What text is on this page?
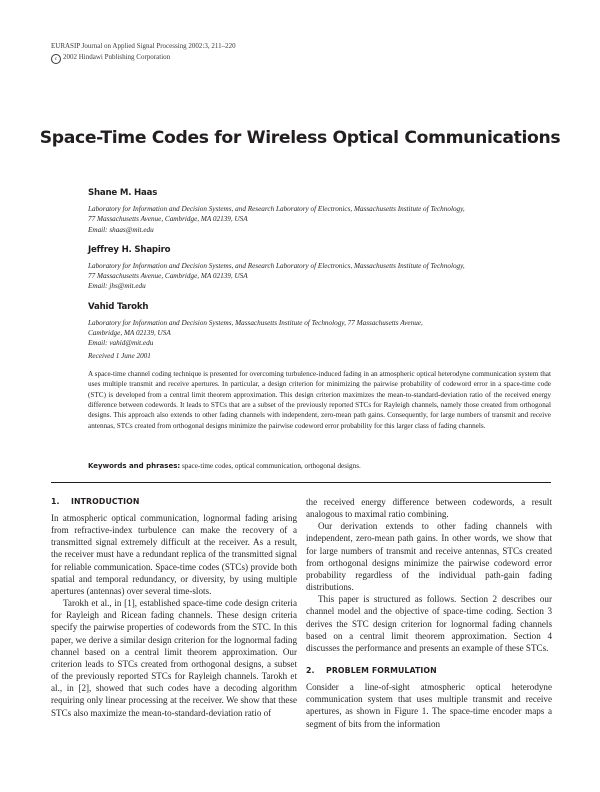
EURASIP Journal on Applied Signal Processing 2002:3, 211–220
c 2002 Hindawi Publishing Corporation
Space-Time Codes for Wireless Optical Communications
Shane M. Haas
Laboratory for Information and Decision Systems, and Research Laboratory of Electronics, Massachusetts Institute of Technology,
77 Massachusetts Avenue, Cambridge, MA 02139, USA
Email: shaas@mit.edu
Jeffrey H. Shapiro
Laboratory for Information and Decision Systems, and Research Laboratory of Electronics, Massachusetts Institute of Technology,
77 Massachusetts Avenue, Cambridge, MA 02139, USA
Email: jhs@mit.edu
Vahid Tarokh
Laboratory for Information and Decision Systems, Massachusetts Institute of Technology, 77 Massachusetts Avenue,
Cambridge, MA 02139, USA
Email: vahid@mit.edu
Received 1 June 2001
A space-time channel coding technique is presented for overcoming turbulence-induced fading in an atmospheric optical heterodyne communication system that uses multiple transmit and receive apertures. In particular, a design criterion for minimizing the pairwise probability of codeword error in a space-time code (STC) is developed from a central limit theorem approximation. This design criterion maximizes the mean-to-standard-deviation ratio of the received energy difference between codewords. It leads to STCs that are a subset of the previously reported STCs for Rayleigh channels, namely those created from orthogonal designs. This approach also extends to other fading channels with independent, zero-mean path gains. Consequently, for large numbers of transmit and receive antennas, STCs created from orthogonal designs minimize the pairwise codeword error probability for this larger class of fading channels.
Keywords and phrases: space-time codes, optical communication, orthogonal designs.
1. INTRODUCTION

In atmospheric optical communication, lognormal fading arising from refractive-index turbulence can make the recovery of a transmitted signal extremely difficult at the receiver. As a result, the receiver must have a redundant replica of the transmitted signal for reliable communication. Space-time codes (STCs) provide both spatial and temporal redundancy, or diversity, by using multiple apertures (antennas) over several time-slots.

Tarokh et al., in [1], established space-time code design criteria for Rayleigh and Ricean fading channels. These design criteria specify the pairwise properties of codewords from the STC. In this paper, we derive a similar design criterion for the lognormal fading channel based on a central limit theorem approximation. Our criterion leads to STCs created from orthogonal designs, a subset of the previously reported STCs for Rayleigh channels. Tarokh et al., in [2], showed that such codes have a decoding algorithm requiring only linear processing at the receiver. We show that these STCs also maximize the mean-to-standard-deviation ratio of

the received energy difference between codewords, a result analogous to maximal ratio combining.

Our derivation extends to other fading channels with independent, zero-mean path gains. In other words, we show that for large numbers of transmit and receive antennas, STCs created from orthogonal designs minimize the pairwise codeword error probability regardless of the individual path-gain fading distributions.

This paper is structured as follows. Section 2 describes our channel model and the objective of space-time coding. Section 3 derives the STC design criterion for lognormal fading channels based on a central limit theorem approximation. Section 4 discusses the performance and presents an example of these STCs.

2. PROBLEM FORMULATION

Consider a line-of-sight atmospheric optical heterodyne communication system that uses multiple transmit and receive apertures, as shown in Figure 1. The space-time encoder maps a segment of bits from the information
